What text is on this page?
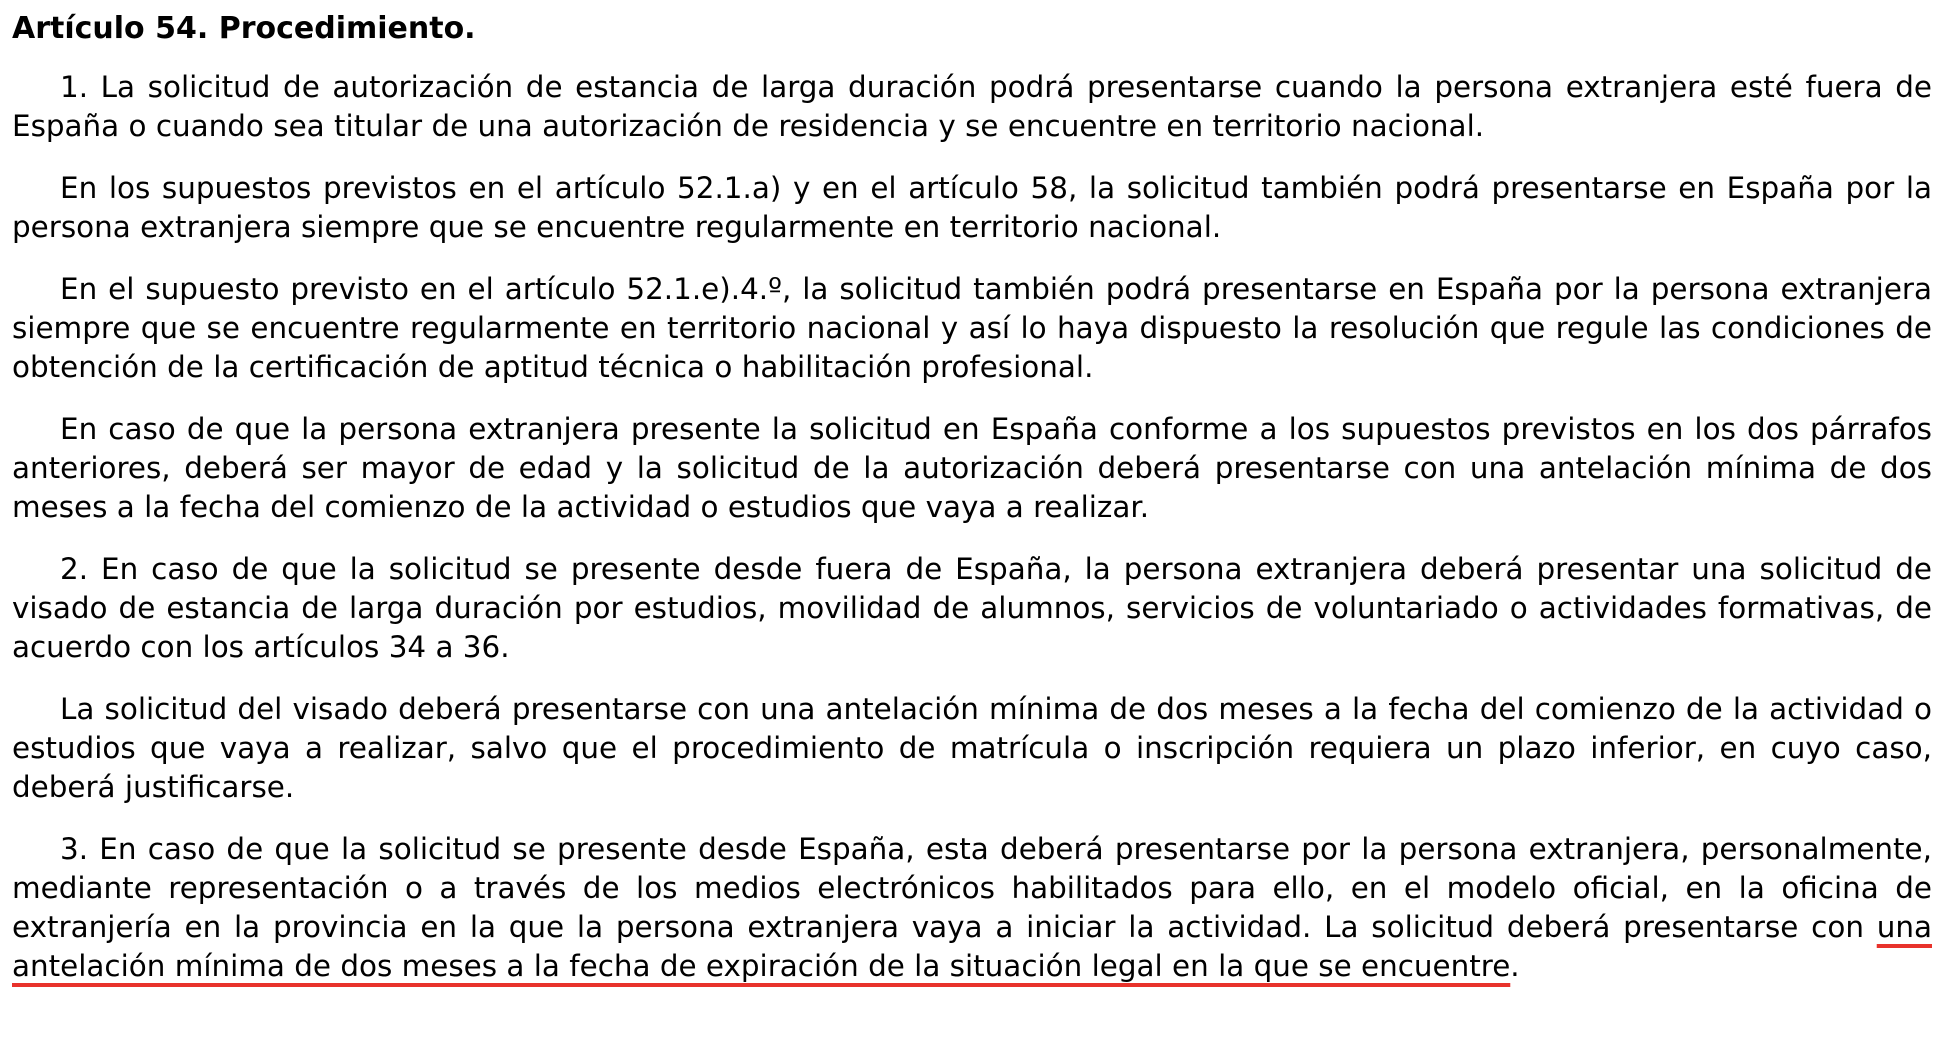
Artículo 54. Procedimiento.

1. La solicitud de autorización de estancia de larga duración podrá presentarse cuando la persona extranjera esté fuera de España o cuando sea titular de una autorización de residencia y se encuentre en territorio nacional.

En los supuestos previstos en el artículo 52.1.a) y en el artículo 58, la solicitud también podrá presentarse en España por la persona extranjera siempre que se encuentre regularmente en territorio nacional.

En el supuesto previsto en el artículo 52.1.e).4.º, la solicitud también podrá presentarse en España por la persona extranjera siempre que se encuentre regularmente en territorio nacional y así lo haya dispuesto la resolución que regule las condiciones de obtención de la certificación de aptitud técnica o habilitación profesional.

En caso de que la persona extranjera presente la solicitud en España conforme a los supuestos previstos en los dos párrafos anteriores, deberá ser mayor de edad y la solicitud de la autorización deberá presentarse con una antelación mínima de dos meses a la fecha del comienzo de la actividad o estudios que vaya a realizar.

2. En caso de que la solicitud se presente desde fuera de España, la persona extranjera deberá presentar una solicitud de visado de estancia de larga duración por estudios, movilidad de alumnos, servicios de voluntariado o actividades formativas, de acuerdo con los artículos 34 a 36.

La solicitud del visado deberá presentarse con una antelación mínima de dos meses a la fecha del comienzo de la actividad o estudios que vaya a realizar, salvo que el procedimiento de matrícula o inscripción requiera un plazo inferior, en cuyo caso, deberá justificarse.

3. En caso de que la solicitud se presente desde España, esta deberá presentarse por la persona extranjera, personalmente, mediante representación o a través de los medios electrónicos habilitados para ello, en el modelo oficial, en la oficina de extranjería en la provincia en la que la persona extranjera vaya a iniciar la actividad. La solicitud deberá presentarse con una antelación mínima de dos meses a la fecha de expiración de la situación legal en la que se encuentre.
